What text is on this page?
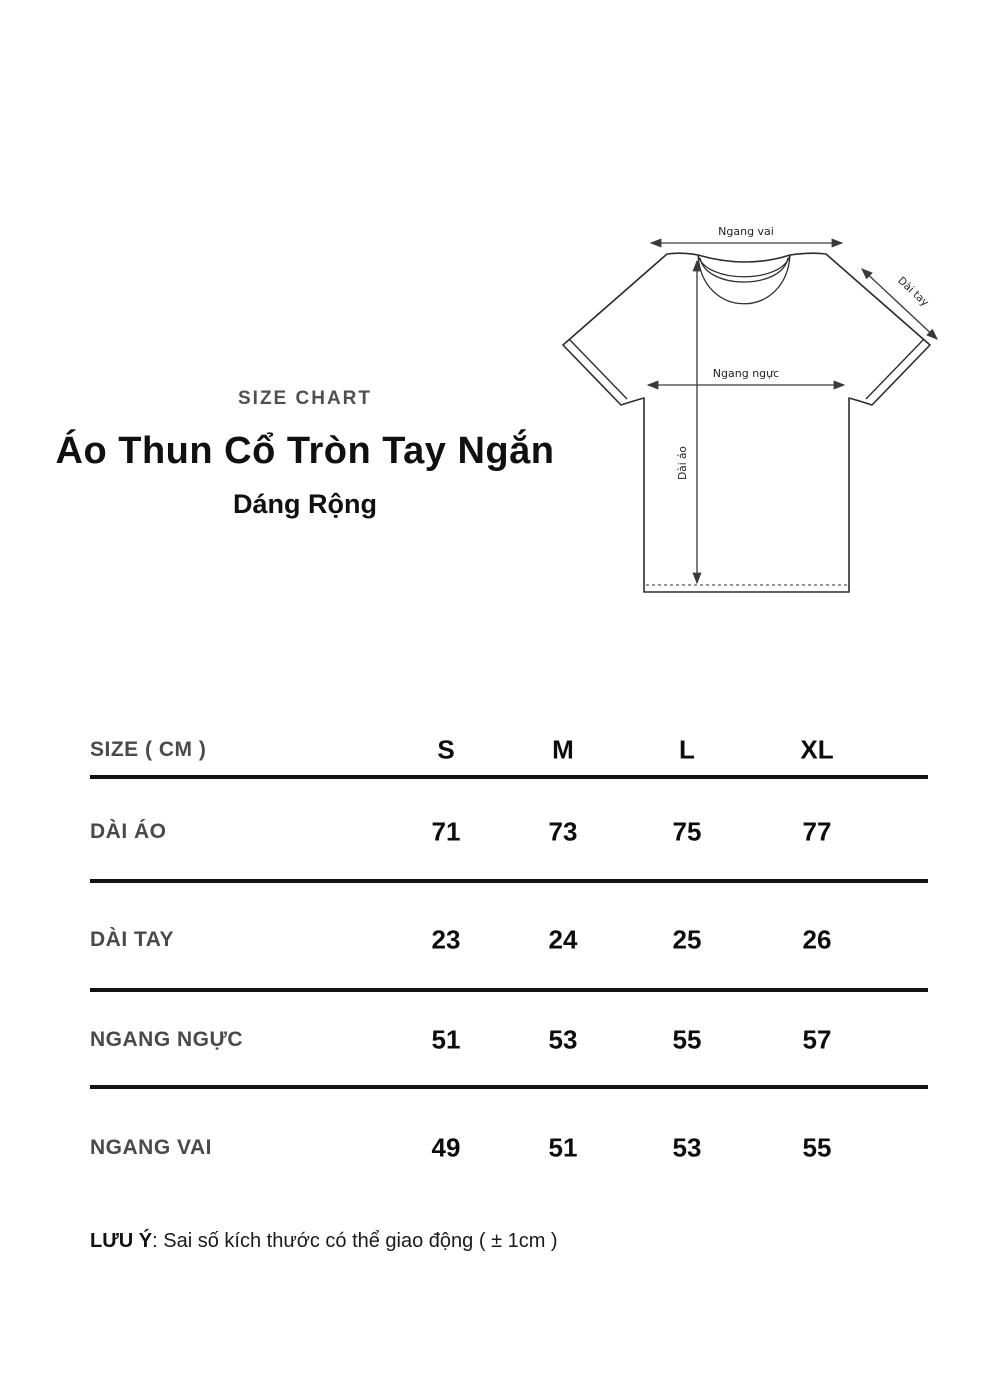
SIZE CHART
Áo Thun Cổ Tròn Tay Ngắn
Dáng Rộng
Ngang vai
Dài tay
Ngang ngực
Dài áo
SIZE ( CM )	S	M	L	XL
DÀI ÁO	71	73	75	77
DÀI TAY	23	24	25	26
NGANG NGỰC	51	53	55	57
NGANG VAI	49	51	53	55

LƯU Ý: Sai số kích thước có thể giao động ( ± 1cm )
